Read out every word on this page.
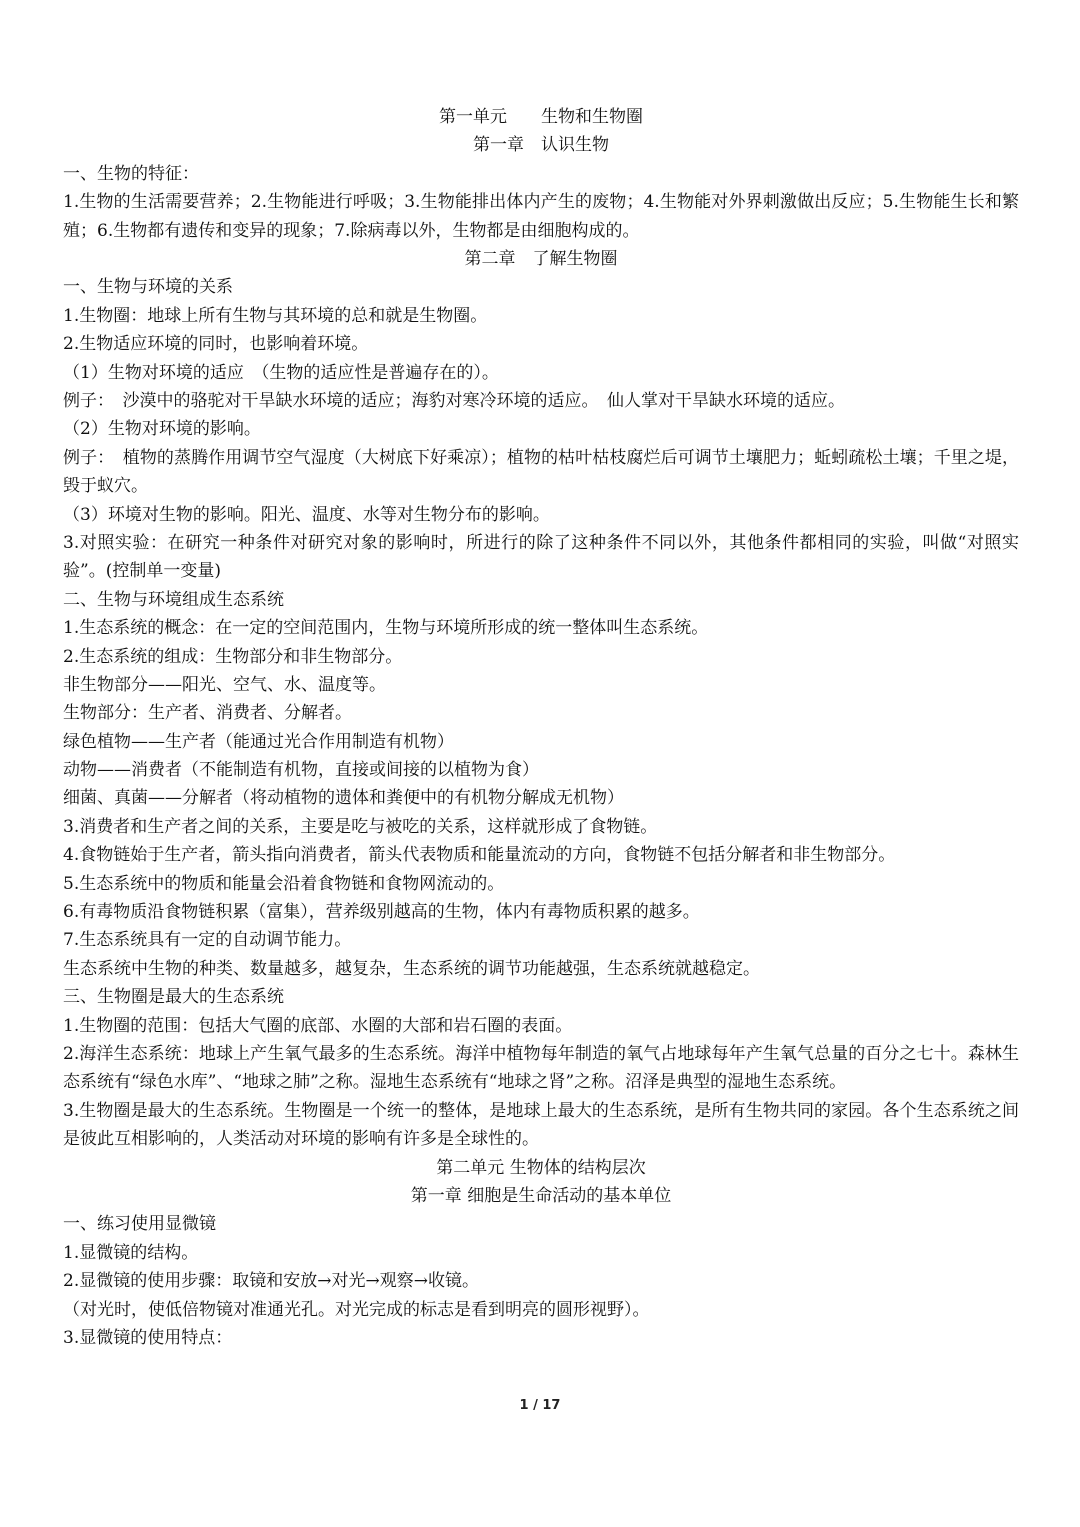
第一单元　　生物和生物圈
第一章　认识生物
一、生物的特征：
1.生物的生活需要营养；2.生物能进行呼吸；3.生物能排出体内产生的废物；4.生物能对外界刺激做出反应；5.生物能生长和繁殖；6.生物都有遗传和变异的现象；7.除病毒以外，生物都是由细胞构成的。
第二章　了解生物圈
一、生物与环境的关系
1.生物圈：地球上所有生物与其环境的总和就是生物圈。
2.生物适应环境的同时，也影响着环境。
（1）生物对环境的适应　（生物的适应性是普遍存在的）。
例子：　沙漠中的骆驼对干旱缺水环境的适应；海豹对寒冷环境的适应。　仙人掌对干旱缺水环境的适应。
（2）生物对环境的影响。
例子：　植物的蒸腾作用调节空气湿度（大树底下好乘凉）；植物的枯叶枯枝腐烂后可调节土壤肥力；蚯蚓疏松土壤；千里之堤，毁于蚁穴。
（3）环境对生物的影响。阳光、温度、水等对生物分布的影响。
3.对照实验：在研究一种条件对研究对象的影响时，所进行的除了这种条件不同以外，其他条件都相同的实验，叫做“对照实验”。(控制单一变量)
二、生物与环境组成生态系统
1.生态系统的概念：在一定的空间范围内，生物与环境所形成的统一整体叫生态系统。
2.生态系统的组成：生物部分和非生物部分。
非生物部分——阳光、空气、水、温度等。
生物部分：生产者、消费者、分解者。
绿色植物——生产者（能通过光合作用制造有机物）
动物——消费者（不能制造有机物，直接或间接的以植物为食）
细菌、真菌——分解者（将动植物的遗体和粪便中的有机物分解成无机物）
3.消费者和生产者之间的关系，主要是吃与被吃的关系，这样就形成了食物链。
4.食物链始于生产者，箭头指向消费者，箭头代表物质和能量流动的方向，食物链不包括分解者和非生物部分。
5.生态系统中的物质和能量会沿着食物链和食物网流动的。
6.有毒物质沿食物链积累（富集），营养级别越高的生物，体内有毒物质积累的越多。
7.生态系统具有一定的自动调节能力。
生态系统中生物的种类、数量越多，越复杂，生态系统的调节功能越强，生态系统就越稳定。
三、生物圈是最大的生态系统
1.生物圈的范围：包括大气圈的底部、水圈的大部和岩石圈的表面。
2.海洋生态系统：地球上产生氧气最多的生态系统。海洋中植物每年制造的氧气占地球每年产生氧气总量的百分之七十。森林生态系统有“绿色水库”、“地球之肺”之称。湿地生态系统有“地球之肾”之称。沼泽是典型的湿地生态系统。
3.生物圈是最大的生态系统。生物圈是一个统一的整体，是地球上最大的生态系统，是所有生物共同的家园。各个生态系统之间是彼此互相影响的，人类活动对环境的影响有许多是全球性的。
第二单元 生物体的结构层次
第一章 细胞是生命活动的基本单位
一、练习使用显微镜
1.显微镜的结构。
2.显微镜的使用步骤：取镜和安放→对光→观察→收镜。
（对光时，使低倍物镜对准通光孔。对光完成的标志是看到明亮的圆形视野）。
3.显微镜的使用特点：
1 / 17
